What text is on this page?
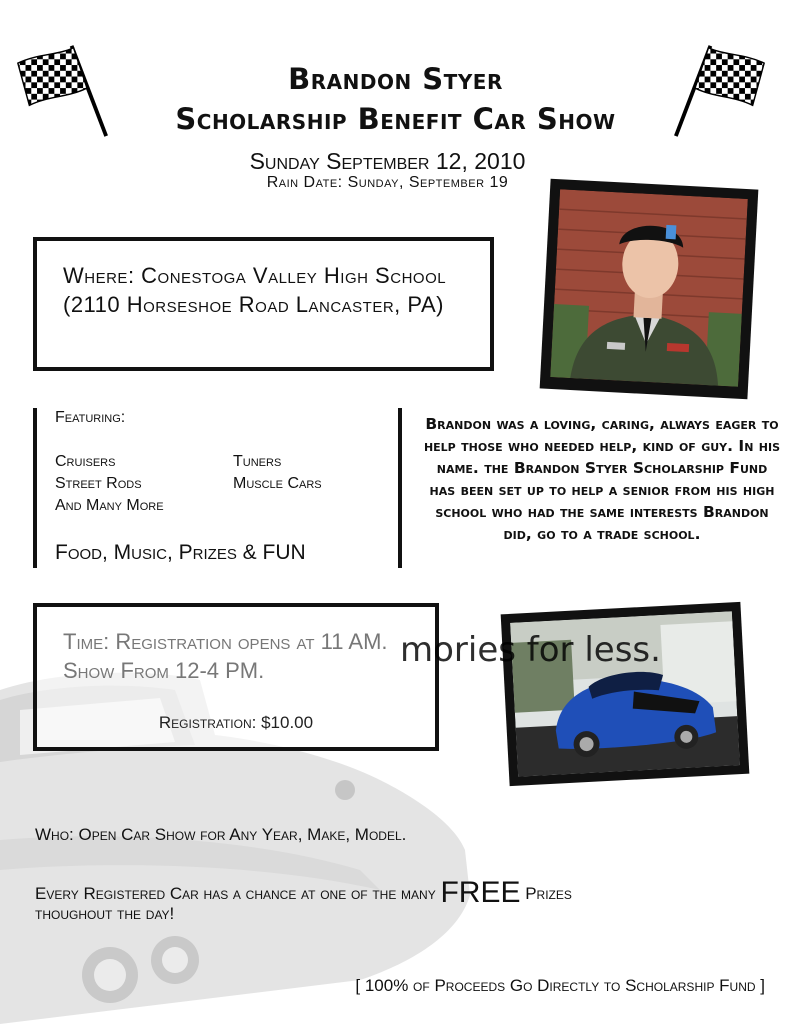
Brandon Styer
Scholarship Benefit Car Show
Sunday September 12, 2010
Rain Date: Sunday, September 19
Where: Conestoga Valley High School (2110 Horseshoe Road Lancaster, PA)
Featuring:
Cruisers
Street Rods
And Many More
Tuners
Muscle Cars
Food, Music, Prizes & FUN
Brandon was a loving, caring, always eager to help those who needed help, kind of guy. In his name. the Brandon Styer Scholarship Fund has been set up to help a senior from his high school who had the same interests Brandon did, go to a trade school.
Time: Registration opens at 11 AM. Show From 12-4 PM.
Registration: $10.00
mories for less.
Who: Open Car Show for Any Year, Make, Model.
Every Registered Car has a chance at one of the many FREE Prizes
thoughout the day!
[ 100% of Proceeds Go Directly to Scholarship Fund ]
